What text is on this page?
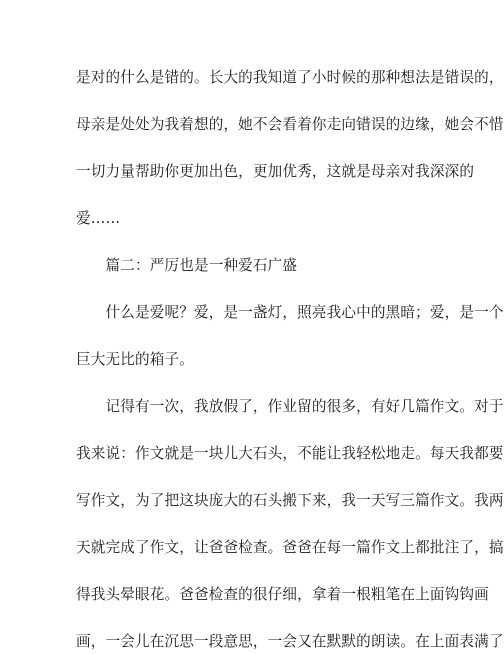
是对的什么是错的。长大的我知道了小时候的那种想法是错误的，
母亲是处处为我着想的，她不会看着你走向错误的边缘，她会不惜
一切力量帮助你更加出色，更加优秀，这就是母亲对我深深的
爱……
　　篇二：严厉也是一种爱石广盛
　　什么是爱呢？爱，是一盏灯，照亮我心中的黑暗；爱，是一个
巨大无比的箱子。
　　记得有一次，我放假了，作业留的很多，有好几篇作文。对于
我来说：作文就是一块儿大石头，不能让我轻松地走。每天我都要
写作文，为了把这块庞大的石头搬下来，我一天写三篇作文。我两
天就完成了作文，让爸爸检查。爸爸在每一篇作文上都批注了，搞
得我头晕眼花。爸爸检查的很仔细，拿着一根粗笔在上面钩钩画
画，一会儿在沉思一段意思，一会又在默默的朗读。在上面表满了
